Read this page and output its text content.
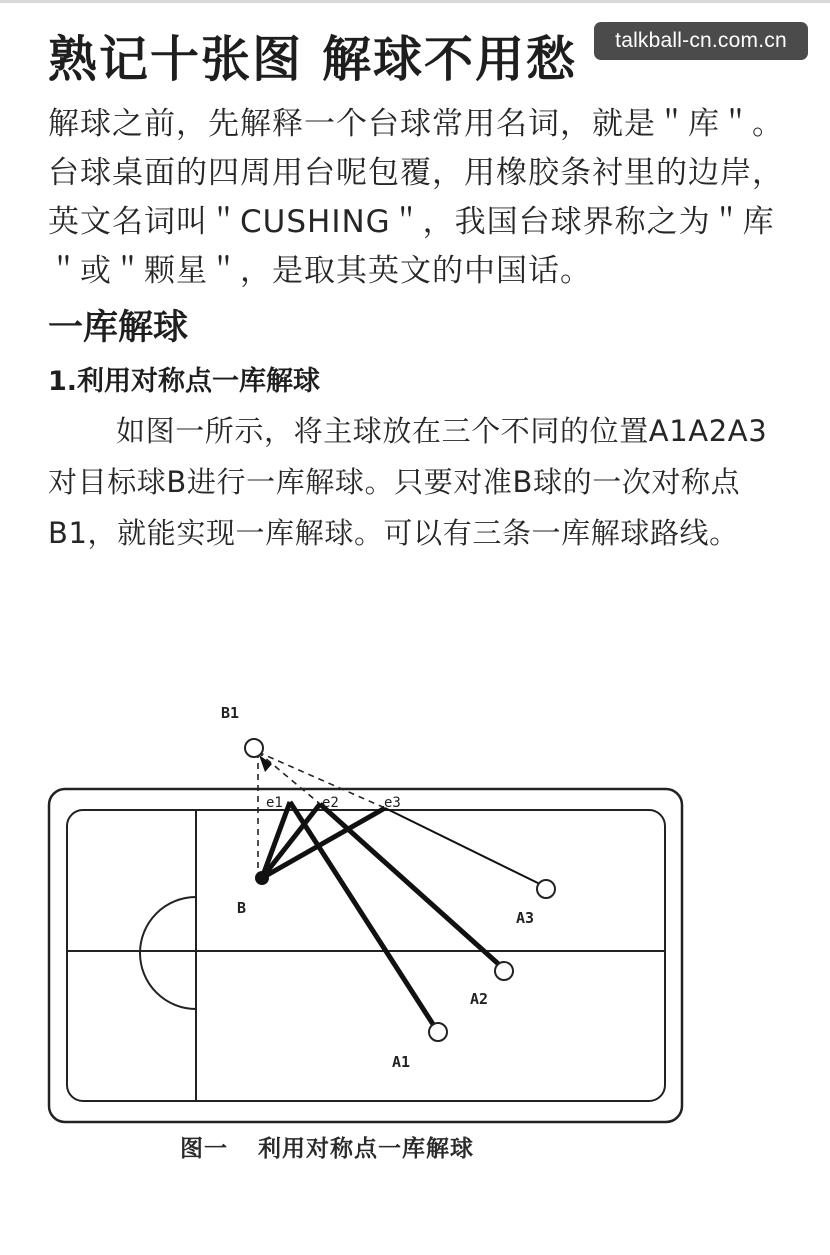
talkball-cn.com.cn
熟记十张图 解球不用愁

解球之前，先解释一个台球常用名词，就是＂库＂。台球桌面的四周用台呢包覆，用橡胶条衬里的边岸，英文名词叫＂CUSHING＂，我国台球界称之为＂库＂或＂颗星＂，是取其英文的中国话。

一库解球
1.利用对称点一库解球

如图一所示，将主球放在三个不同的位置A1A2A3对目标球B进行一库解球。只要对准B球的一次对称点B1，就能实现一库解球。可以有三条一库解球路线。

B1
B
e1	e2	e3
A1
A2
A3
图一 利用对称点一库解球
